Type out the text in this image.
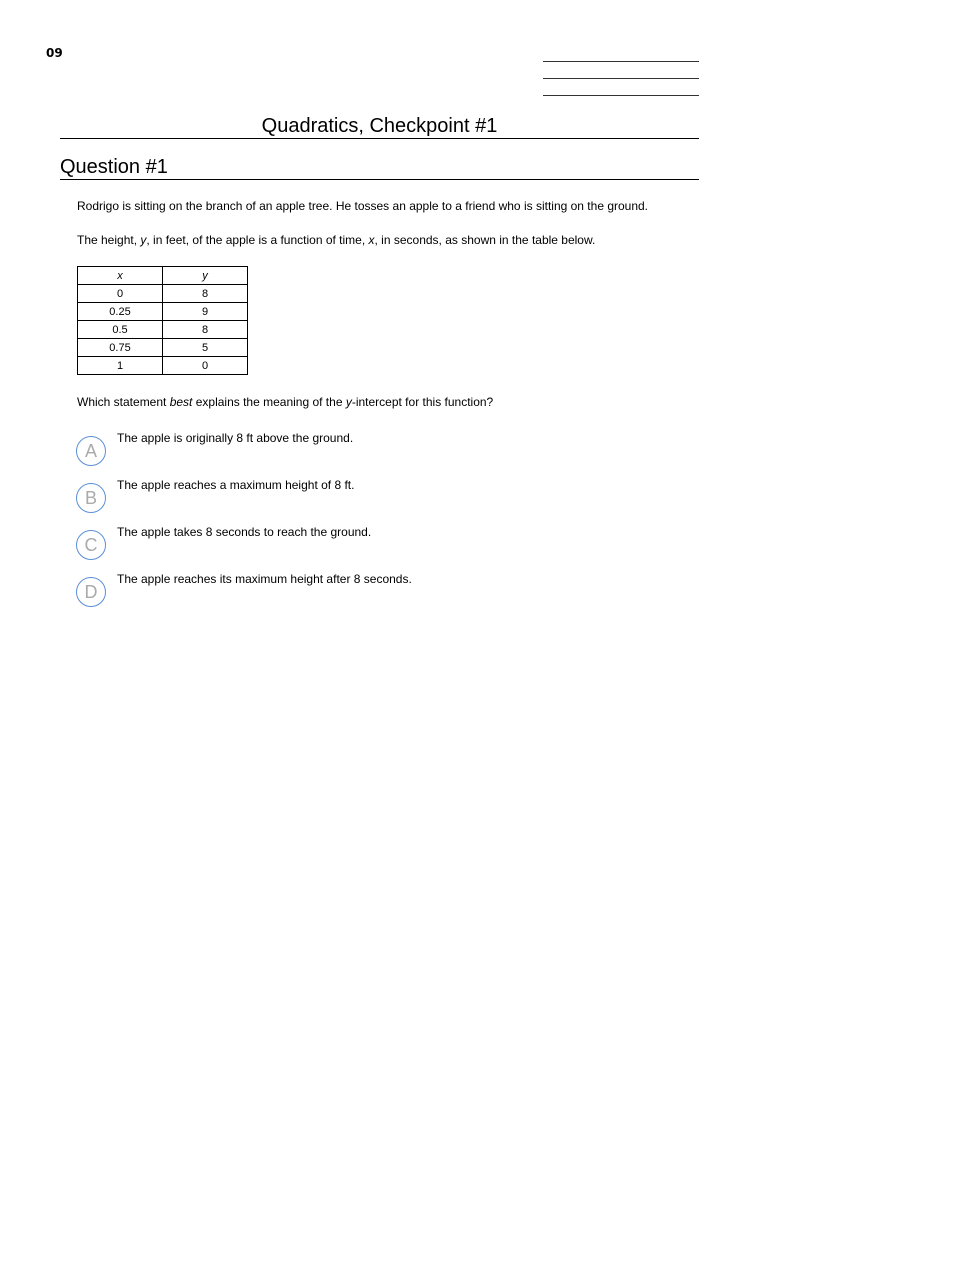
09
Quadratics, Checkpoint #1
Question #1
Rodrigo is sitting on the branch of an apple tree. He tosses an apple to a friend who is sitting on the ground.
The height, y, in feet, of the apple is a function of time, x, in seconds, as shown in the table below.
x	y
0	8
0.25	9
0.5	8
0.75	5
1	0
Which statement best explains the meaning of the y-intercept for this function?
A
The apple is originally 8 ft above the ground.
B
The apple reaches a maximum height of 8 ft.
C
The apple takes 8 seconds to reach the ground.
D
The apple reaches its maximum height after 8 seconds.
